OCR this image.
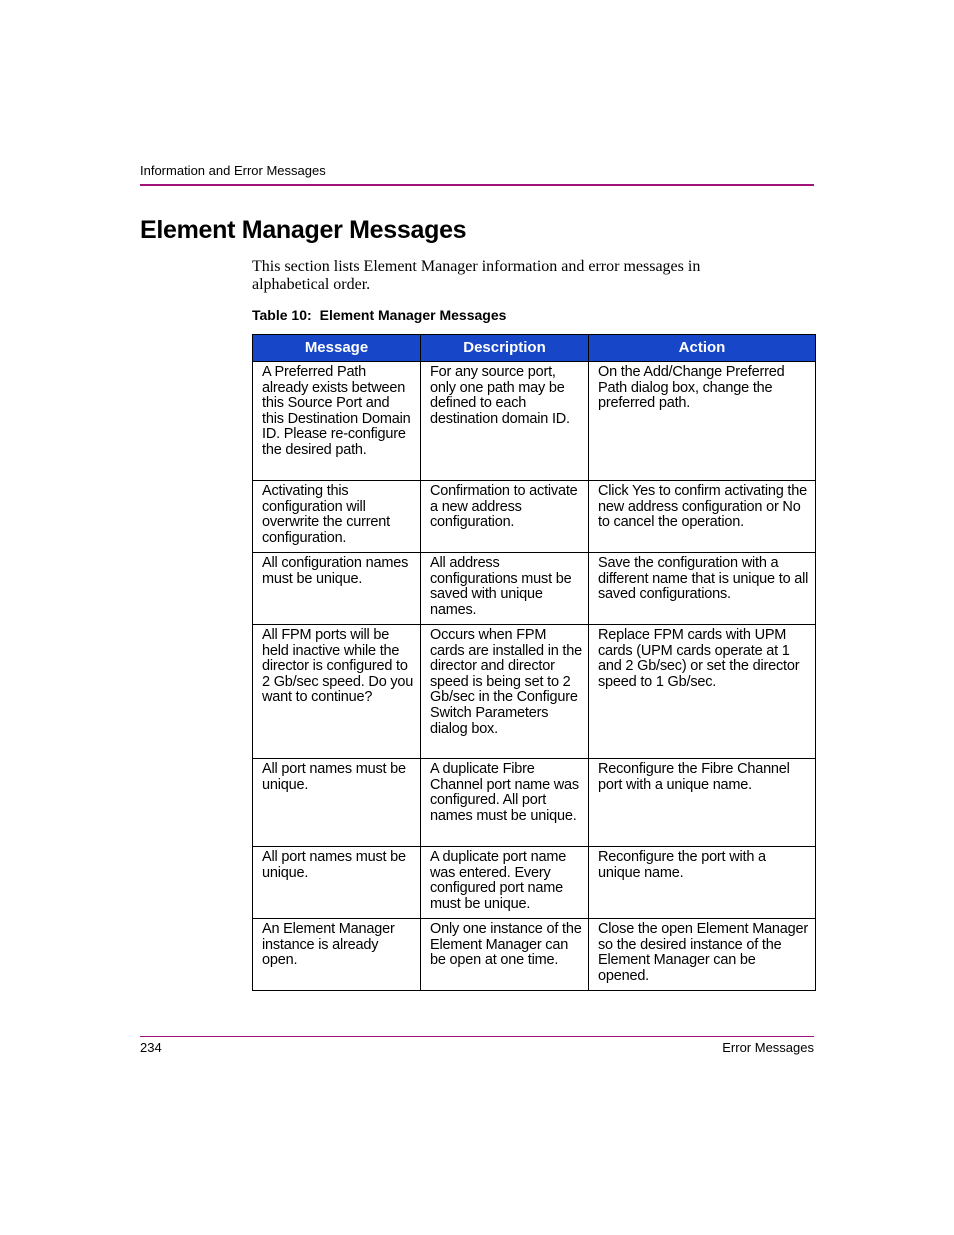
Information and Error Messages
Element Manager Messages
This section lists Element Manager information and error messages in alphabetical order.
Table 10: Element Manager Messages
Message	Description	Action
A Preferred Path already exists between this Source Port and this Destination Domain ID. Please re-configure the desired path.	For any source port, only one path may be defined to each destination domain ID.	On the Add/Change Preferred Path dialog box, change the preferred path.
Activating this configuration will overwrite the current configuration.	Confirmation to activate a new address configuration.	Click Yes to confirm activating the new address configuration or No to cancel the operation.
All configuration names must be unique.	All address configurations must be saved with unique names.	Save the configuration with a different name that is unique to all saved configurations.
All FPM ports will be held inactive while the director is configured to 2 Gb/sec speed. Do you want to continue?	Occurs when FPM cards are installed in the director and director speed is being set to 2 Gb/sec in the Configure Switch Parameters dialog box.	Replace FPM cards with UPM cards (UPM cards operate at 1 and 2 Gb/sec) or set the director speed to 1 Gb/sec.
All port names must be unique.	A duplicate Fibre Channel port name was configured. All port names must be unique.	Reconfigure the Fibre Channel port with a unique name.
All port names must be unique.	A duplicate port name was entered. Every configured port name must be unique.	Reconfigure the port with a unique name.
An Element Manager instance is already open.	Only one instance of the Element Manager can be open at one time.	Close the open Element Manager so the desired instance of the Element Manager can be opened.
234	Error Messages
